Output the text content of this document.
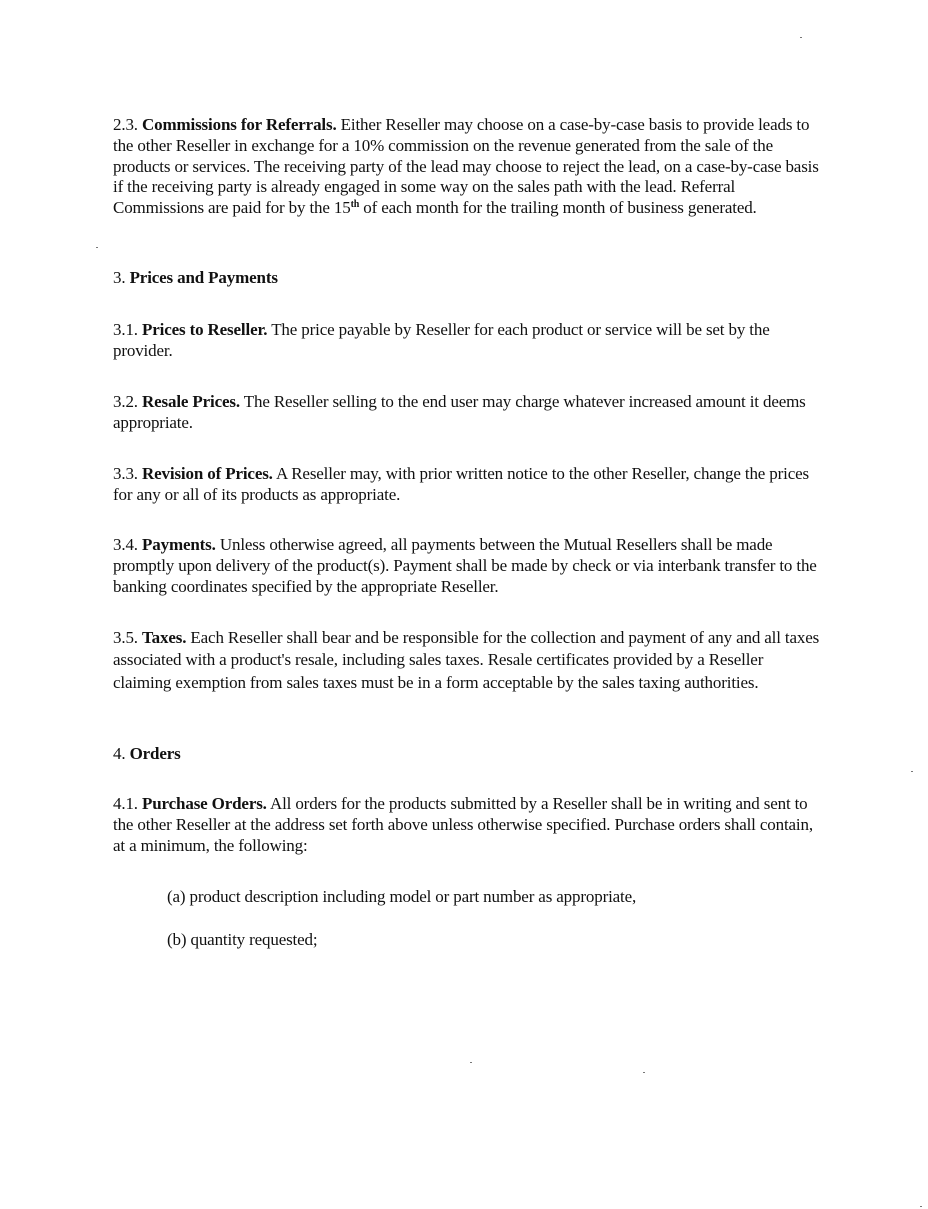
2.3. Commissions for Referrals. Either Reseller may choose on a case-by-case basis to provide leads to the other Reseller in exchange for a 10% commission on the revenue generated from the sale of the products or services. The receiving party of the lead may choose to reject the lead, on a case-by-case basis if the receiving party is already engaged in some way on the sales path with the lead. Referral Commissions are paid for by the 15th of each month for the trailing month of business generated.
3. Prices and Payments
3.1. Prices to Reseller. The price payable by Reseller for each product or service will be set by the provider.
3.2. Resale Prices. The Reseller selling to the end user may charge whatever increased amount it deems appropriate.
3.3. Revision of Prices. A Reseller may, with prior written notice to the other Reseller, change the prices for any or all of its products as appropriate.
3.4. Payments. Unless otherwise agreed, all payments between the Mutual Resellers shall be made promptly upon delivery of the product(s). Payment shall be made by check or via interbank transfer to the banking coordinates specified by the appropriate Reseller.
3.5. Taxes. Each Reseller shall bear and be responsible for the collection and payment of any and all taxes associated with a product's resale, including sales taxes. Resale certificates provided by a Reseller claiming exemption from sales taxes must be in a form acceptable by the sales taxing authorities.
4. Orders
4.1. Purchase Orders. All orders for the products submitted by a Reseller shall be in writing and sent to the other Reseller at the address set forth above unless otherwise specified. Purchase orders shall contain, at a minimum, the following:
(a) product description including model or part number as appropriate,
(b) quantity requested;
